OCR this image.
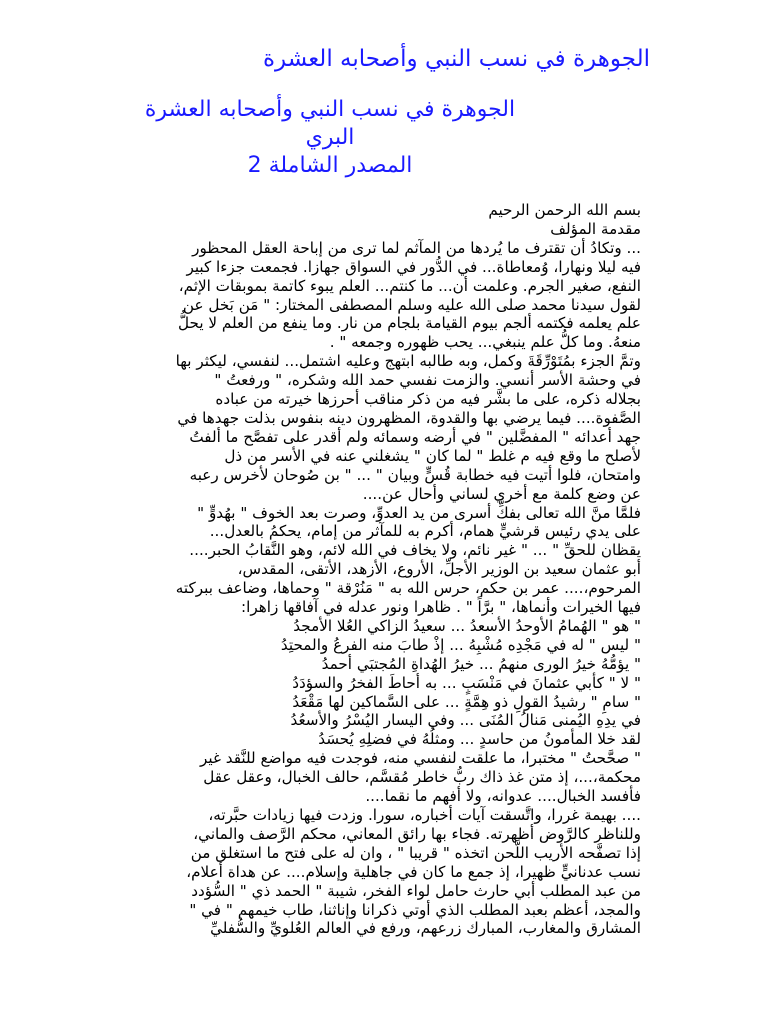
الجوهرة في نسب النبي وأصحابه العشرة
الجوهرة في نسب النبي وأصحابه العشرة
البري
المصدر الشاملة 2
بسم الله الرحمن الرحيم
مقدمة المؤلف
... وتكادُ أن تقترف ما يُردها من المآثم لما ترى من إباحة العقل المحظور
فيه ليلا ونهارا، وُمعاطاة... في الدُّور في السواق جهازا. فجمعت جزءا كبير
النفع، صغير الجرم. وعلمت أن... ما كنتم... العلم يبوء كاتمة بموبقات الإثم،
لقول سيدنا محمد صلى الله عليه وسلم المصطفى المختار: " مَن بَخل عن
علم يعلمه فكتمه ألجم بيوم القيامة بلجام من نار. وما ينفع من العلم لا يحلُّ
منعهُ. وما كلُّ علم ينبغي... يحب ظهوره وجمعه " .
وتمَّ الجزء بمُتَوْرِّقَةَ وكمل، وبه طالبه ابتهج وعليه اشتمل... لنفسي، ليكثر بها
في وحشة الأسر أنسي. والزمت نفسي حمد الله وشكره، " ورفعتُ "
بجلاله ذكره، على ما بشَّر فيه من ذكر مناقب أحرزها خيرته من عباده
الصَّفوة.... فيما يرضي بها والقدوة، المظهرون دينه بنفوس بذلت جهدها في
جهد أعدائه " المفضَّلين " في أرضه وسمائه ولم أقدر على تفصَّح ما ألفتُ
لأصلح ما وقع فيه م غلط " لما كان " يشغلني عنه في الأسر من ذل
وامتحان، فلوا أتيت فيه خطابة قُسٍّ وبيان " ... " بن صُوحان لأخرس رعبه
عن وضع كلمة مع أخري لساني وأحال عن....
فلمَّا منَّ الله تعالى بفكِّ أسرى من يد العدوِّ، وصرت بعد الخوف " بهُدوٍّ "
على يدي رئيس قرشيٍّ همام، أكرم به للمآثر من إمام، يحكمُ بالعدل...
يقظان للحقِّ " ... " غير نائم، ولا يخاف في الله لائم، وهو النَّقابُ الحبر....
أبو عثمان سعيد بن الوزير الأجلِّ، الأروع، الأزهد، الأتقى، المقدس،
المرحوم،.... عمر بن حكم، حرس الله به " مَنُرْقة " وحماها، وضاعف ببركته
فيها الخيرات وأنماها، " برَّاً " . ظاهرا ونور عدله في آفاقها زاهرا:
" هو " الهُمامُ الأوحدُ الأسعدُ ... سعيدُ الزاكي العُلا الأمجدُ
" ليس " له في مَجْدِه مُشْبِهُ ... إذْ طابَ منه الفرعُ والمحتِدُ
" يؤمُّهُ خيرُ الورى منهمُ ... خيرُ الهُداةِ المُجتبَي أحمدُ
" لا " كأبي عثمانَ في مَنْسَبٍ ... به أحاطَ الفخرُ والسؤدَدُ
" سامِ " رشيدُ القولِ ذو هِمَّةٍ ... على السَّماكين لها مَقْعَدُ
في يدِهِ اليُمنى مَنالُ المُنَى ... وفي اليسار اليُسْرُ والأسعُدُ
لقد خلا المأمونُ من حاسدٍ ... ومثلُهُ في فضلِهِ يُحسَدُ
" صحَّحتُ " مختبرا، ما علقت لنفسي منه، فوجدت فيه مواضع للنَّقد غير
محكمة،...، إذ متن غذ ذاك ربُّ خاطر مُقسَّم، حالف الخبال، وعقل عقل
فأفسد الخبال.... عدوانه، ولا أفهم ما نقما....
.... بهيمة غررا، واتَّسقت آيات أخباره، سورا. وزدت فيها زيادات حبَّرته،
وللناظر كالرَّوض أظهرته. فجاء بها رائق المعاني، محكم الرَّصف والماني،
إذا تصفَّحه الأريب اللَّحن اتخذه " قريبا " ، وان له على فتح ما استغلق من
نسب عدنانيٍّ ظهيرا، إذ جمع ما كان في جاهلية وإسلام.... عن هداة أعلام،
من عبد المطلب أبي حارث حامل لواء الفخر، شيبة " الحمد ذي " السُّؤدد
والمجد، أعظم بعبد المطلب الذي أوتي ذكرانا وإناثنا، طاب خيمهم " في "
المشارق والمغارب، المبارك زرعهم، ورفع في العالم العُلويِّ والسُّفليِّ
